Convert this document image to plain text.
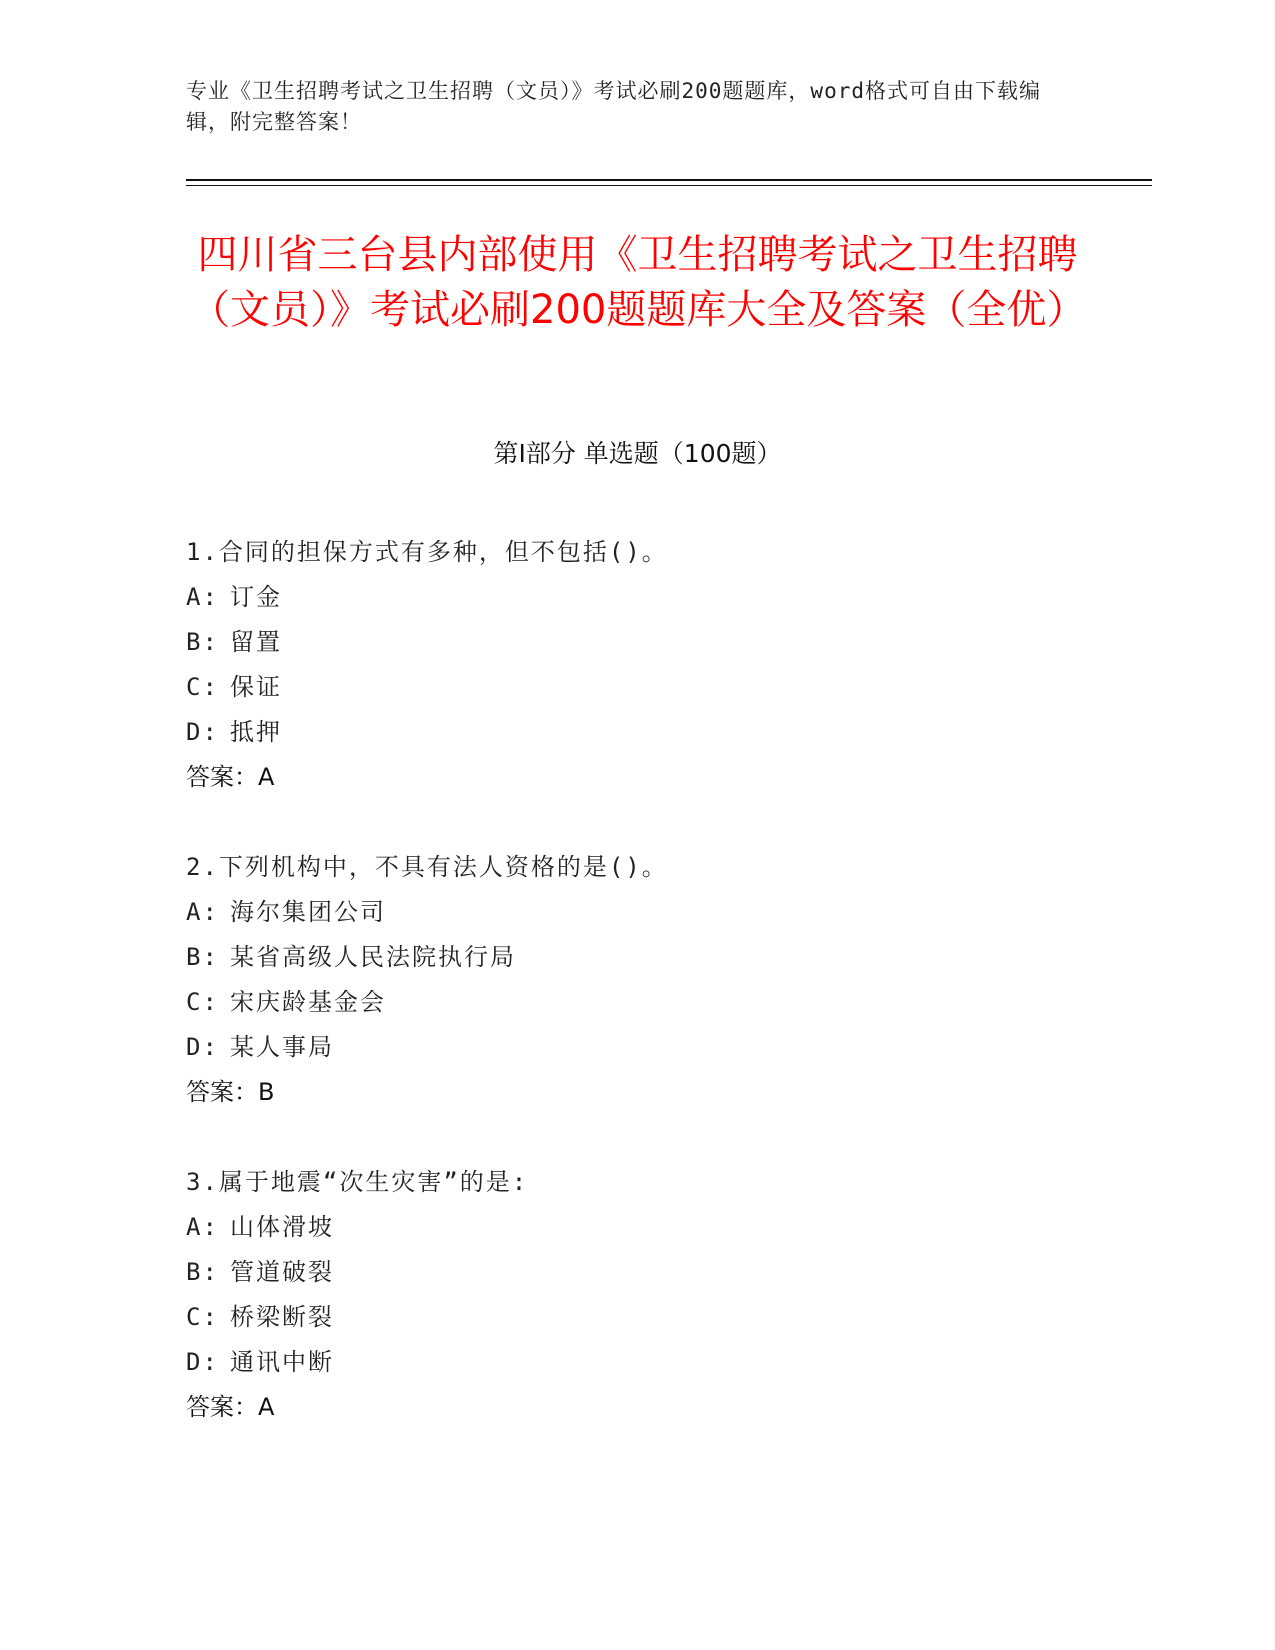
专业《卫生招聘考试之卫生招聘（文员）》考试必刷200题题库，word格式可自由下载编辑，附完整答案！
四川省三台县内部使用《卫生招聘考试之卫生招聘（文员）》考试必刷200题题库大全及答案（全优）
第I部分 单选题（100题）
1.合同的担保方式有多种，但不包括()。
A: 订金
B: 留置
C: 保证
D: 抵押
答案：A
2.下列机构中，不具有法人资格的是()。
A: 海尔集团公司
B: 某省高级人民法院执行局
C: 宋庆龄基金会
D: 某人事局
答案：B
3.属于地震“次生灾害”的是:
A: 山体滑坡
B: 管道破裂
C: 桥梁断裂
D: 通讯中断
答案：A
